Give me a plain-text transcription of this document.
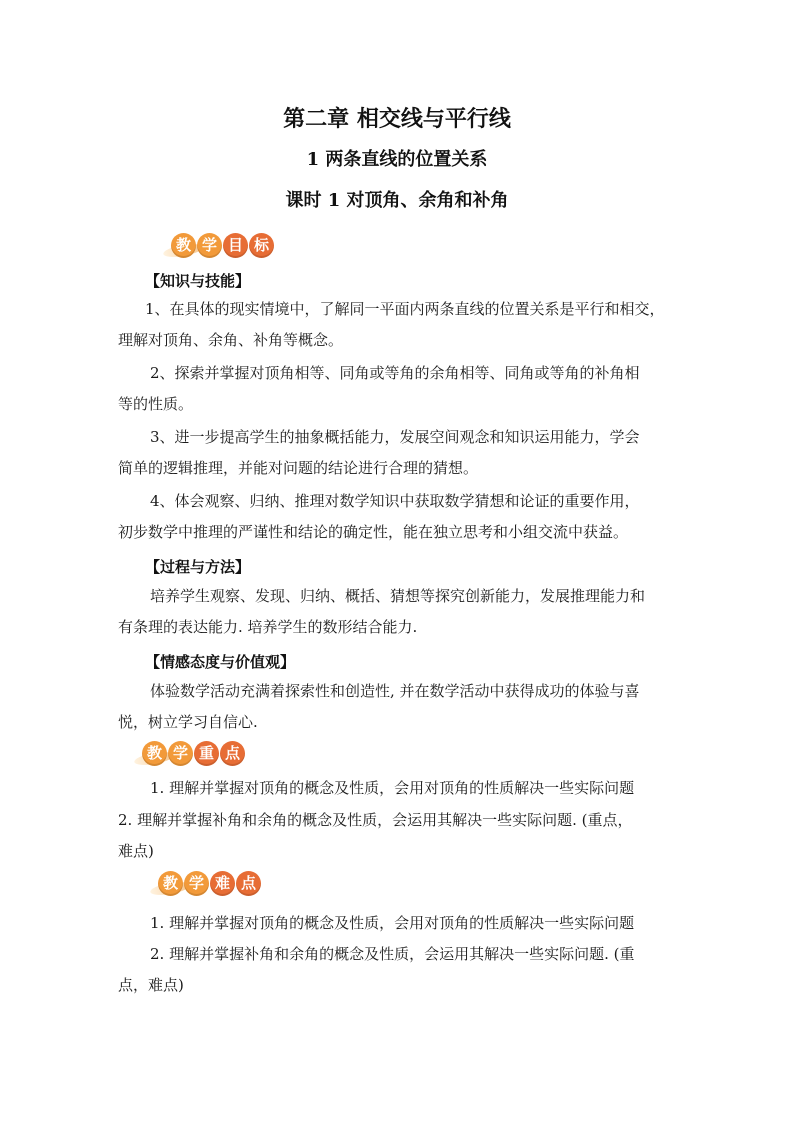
第二章 相交线与平行线
1 两条直线的位置关系
课时 1 对顶角、余角和补角
教 学 目 标
【知识与技能】
1、在具体的现实情境中，了解同一平面内两条直线的位置关系是平行和相交，
理解对顶角、余角、补角等概念。
2、探索并掌握对顶角相等、同角或等角的余角相等、同角或等角的补角相
等的性质。
3、进一步提高学生的抽象概括能力，发展空间观念和知识运用能力，学会
简单的逻辑推理，并能对问题的结论进行合理的猜想。
4、体会观察、归纳、推理对数学知识中获取数学猜想和论证的重要作用，
初步数学中推理的严谨性和结论的确定性，能在独立思考和小组交流中获益。
【过程与方法】
培养学生观察、发现、归纳、概括、猜想等探究创新能力，发展推理能力和
有条理的表达能力. 培养学生的数形结合能力.
【情感态度与价值观】
体验数学活动充满着探索性和创造性, 并在数学活动中获得成功的体验与喜
悦，树立学习自信心.
教 学 重 点
1. 理解并掌握对顶角的概念及性质，会用对顶角的性质解决一些实际问题
2. 理解并掌握补角和余角的概念及性质，会运用其解决一些实际问题. (重点，
难点)
教 学 难 点
1. 理解并掌握对顶角的概念及性质，会用对顶角的性质解决一些实际问题
2. 理解并掌握补角和余角的概念及性质，会运用其解决一些实际问题. (重
点，难点)
